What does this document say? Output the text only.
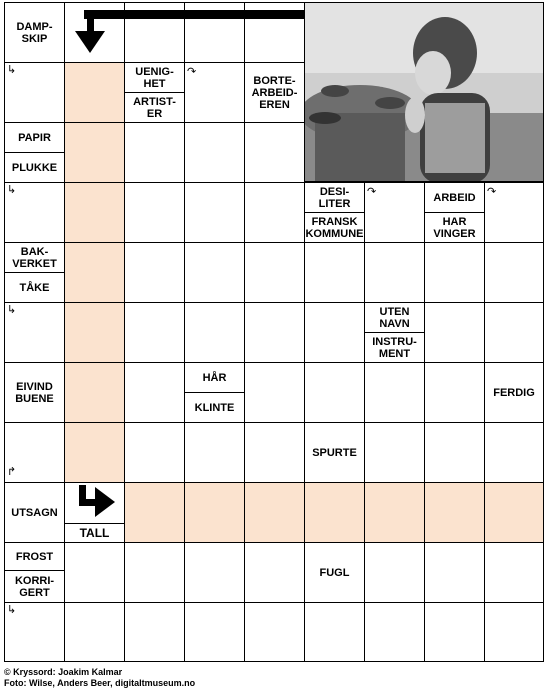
DAMP-
SKIP
↳	UENIG-
HET
ARTIST-
ER
↷
BORTE-
ARBEID-
EREN
PAPIR
PLUKKE
↳	DESI-
LITER
FRANSK
KOMMUNE
↷	ARBEID
HAR
VINGER
↷
BAK-
VERKET
TÅKE
↳	UTEN
NAVN
INSTRU-
MENT
EIVIND
BUENE
HÅR
KLINTE
FERDIG
↱
SPURTE
UTSAGN
TALL
FROST
KORRI-
GERT
FUGL
↳
© Kryssord: Joakim Kalmar
Foto: Wilse, Anders Beer, digitaltmuseum.no
